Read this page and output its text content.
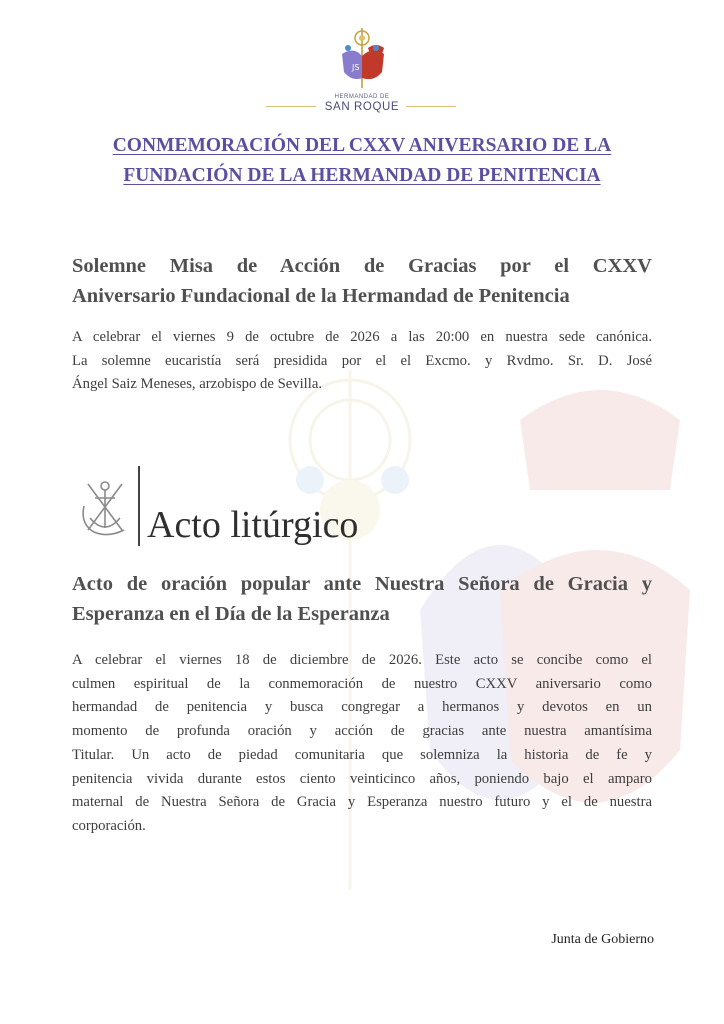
JS
HERMANDAD DE
SAN ROQUE
CONMEMORACIÓN DEL CXXV ANIVERSARIO DE LA
FUNDACIÓN DE LA HERMANDAD DE PENITENCIA
Solemne Misa de Acción de Gracias por el CXXV
Aniversario Fundacional de la Hermandad de Penitencia
A celebrar el viernes 9 de octubre de 2026 a las 20:00 en nuestra sede canónica.
La solemne eucaristía será presidida por el el Excmo. y Rvdmo. Sr. D. José
Ángel Saiz Meneses, arzobispo de Sevilla.
Acto litúrgico
Acto de oración popular ante Nuestra Señora de Gracia y
Esperanza en el Día de la Esperanza
A celebrar el viernes 18 de diciembre de 2026. Este acto se concibe como el
culmen espiritual de la conmemoración de nuestro CXXV aniversario como
hermandad de penitencia y busca congregar a hermanos y devotos en un
momento de profunda oración y acción de gracias ante nuestra amantísima
Titular. Un acto de piedad comunitaria que solemniza la historia de fe y
penitencia vivida durante estos ciento veinticinco años, poniendo bajo el amparo
maternal de Nuestra Señora de Gracia y Esperanza nuestro futuro y el de nuestra
corporación.
Junta de Gobierno
